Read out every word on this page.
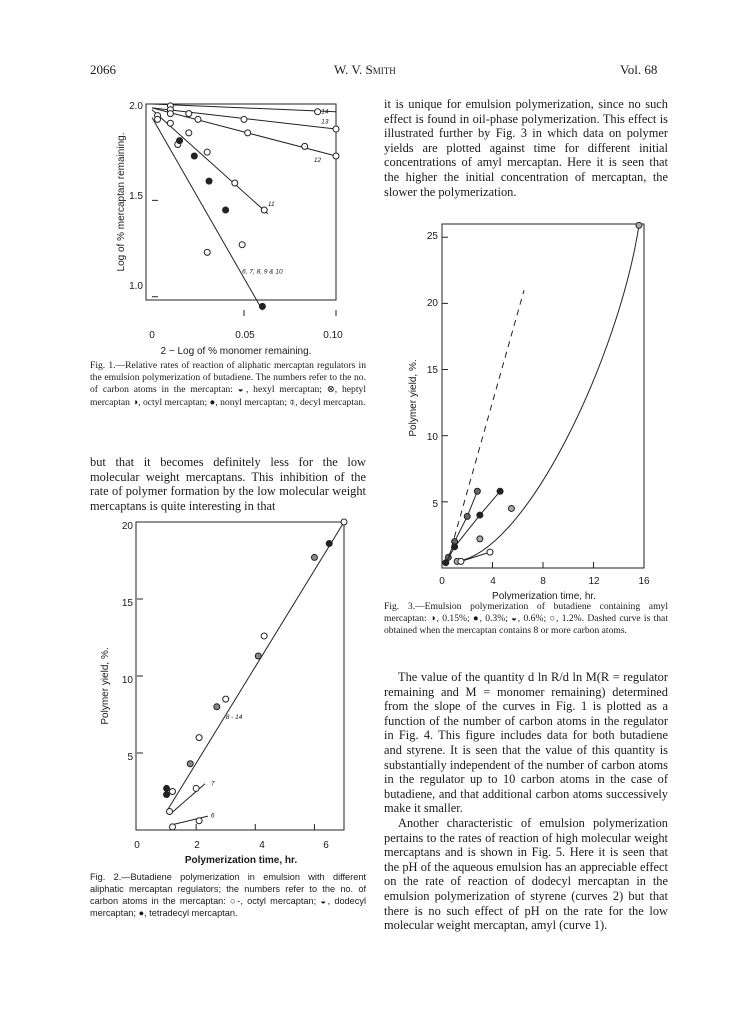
2066	W. V. Smith	Vol. 68
14
13
12
11
6, 7, 8, 9 & 10
0	0.05	0.10
1.0
1.5
2.0
2 − Log of % monomer remaining.
Log of % mercaptan remaining.
Fig. 1.—Relative rates of reaction of aliphatic mercaptan regulators in the emulsion polymerization of butadiene. The numbers refer to the no. of carbon atoms in the mercaptan: ◒, hexyl mercaptan; ⊗, heptyl mercaptan ◑, octyl mercaptan; ●, nonyl mercaptan; ⌽, decyl mercaptan.

but that it becomes definitely less for the low molecular weight mercaptans. This inhibition of the rate of polymer formation by the low molecular weight mercaptans is quite interesting in that

8 - 14
7
6
0	2	4	6
5
10
15
20
Polymerization time, hr.
Polymer yield, %.
Fig. 2.—Butadiene polymerization in emulsion with different aliphatic mercaptan regulators; the numbers refer to the no. of carbon atoms in the mercaptan: ○-, octyl mercaptan; ◒, dodecyl mercaptan; ●, tetradecyl mercaptan.

it is unique for emulsion polymerization, since no such effect is found in oil-phase polymerization. This effect is illustrated further by Fig. 3 in which data on polymer yields are plotted against time for different initial concentrations of amyl mercaptan. Here it is seen that the higher the initial concentration of mercaptan, the slower the polymerization.

0	4	8	12	16
5
10
15
20
25
Polymerization time, hr.
Polymer yield, %.
Fig. 3.—Emulsion polymerization of butadiene containing amyl mercaptan: ◑, 0.15%; ●, 0.3%; ◒, 0.6%; ○, 1.2%. Dashed curve is that obtained when the mercaptan contains 8 or more carbon atoms.

The value of the quantity d ln R/d ln M(R = regulator remaining and M = monomer remaining) determined from the slope of the curves in Fig. 1 is plotted as a function of the number of carbon atoms in the regulator in Fig. 4. This figure includes data for both butadiene and styrene. It is seen that the value of this quantity is substantially independent of the number of carbon atoms in the regulator up to 10 carbon atoms in the case of butadiene, and that additional carbon atoms successively make it smaller.

Another characteristic of emulsion polymerization pertains to the rates of reaction of high molecular weight mercaptans and is shown in Fig. 5. Here it is seen that the pH of the aqueous emulsion has an appreciable effect on the rate of reaction of dodecyl mercaptan in the emulsion polymerization of styrene (curves 2) but that there is no such effect of pH on the rate for the low molecular weight mercaptan, amyl (curve 1).
